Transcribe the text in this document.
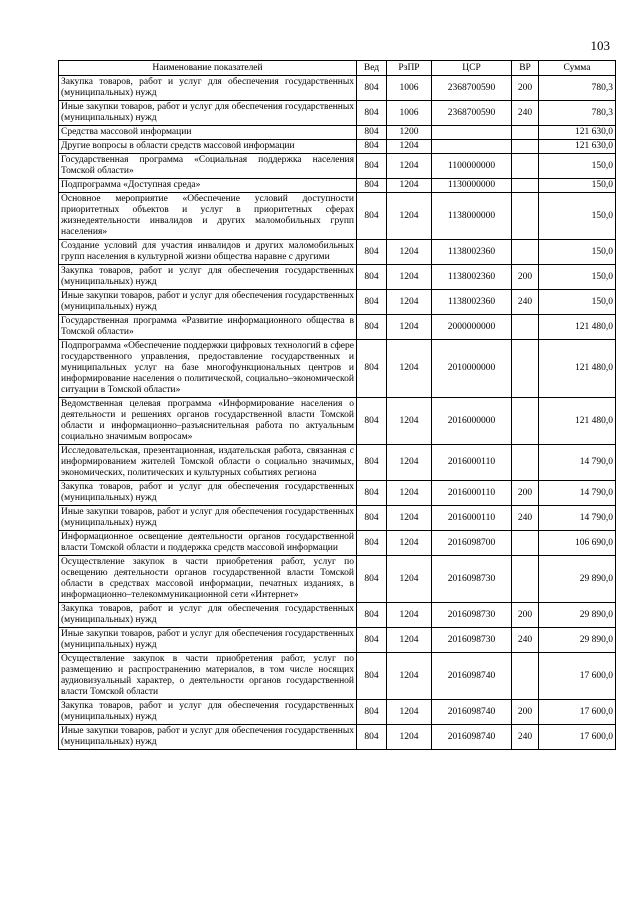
103
Наименование показателей	Вед	РзПР	ЦСР	ВР	Сумма
Закупка товаров, работ и услуг для обеспечения государственных (муниципальных) нужд	804	1006	2368700590	200	780,3
Иные закупки товаров, работ и услуг для обеспечения государственных (муниципальных) нужд	804	1006	2368700590	240	780,3
Средства массовой информации	804	1200			121 630,0
Другие вопросы в области средств массовой информации	804	1204			121 630,0
Государственная программа «Социальная поддержка населения Томской области»	804	1204	1100000000		150,0
Подпрограмма «Доступная среда»	804	1204	1130000000		150,0
Основное мероприятие «Обеспечение условий доступности приоритетных объектов и услуг в приоритетных сферах жизнедеятельности инвалидов и других маломобильных групп населения»	804	1204	1138000000		150,0
Создание условий для участия инвалидов и других маломобильных групп населения в культурной жизни общества наравне с другими	804	1204	1138002360		150,0
Закупка товаров, работ и услуг для обеспечения государственных (муниципальных) нужд	804	1204	1138002360	200	150,0
Иные закупки товаров, работ и услуг для обеспечения государственных (муниципальных) нужд	804	1204	1138002360	240	150,0
Государственная программа «Развитие информационного общества в Томской области»	804	1204	2000000000		121 480,0
Подпрограмма «Обеспечение поддержки цифровых технологий в сфере государственного управления, предоставление государственных и муниципальных услуг на базе многофункциональных центров и информирование населения о политической, социально–экономической ситуации в Томской области»	804	1204	2010000000		121 480,0
Ведомственная целевая программа «Информирование населения о деятельности и решениях органов государственной власти Томской области и информационно–разъяснительная работа по актуальным социально значимым вопросам»	804	1204	2016000000		121 480,0
Исследовательская, презентационная, издательская работа, связанная с информированием жителей Томской области о социально значимых, экономических, политических и культурных событиях региона	804	1204	2016000110		14 790,0
Закупка товаров, работ и услуг для обеспечения государственных (муниципальных) нужд	804	1204	2016000110	200	14 790,0
Иные закупки товаров, работ и услуг для обеспечения государственных (муниципальных) нужд	804	1204	2016000110	240	14 790,0
Информационное освещение деятельности органов государственной власти Томской области и поддержка средств массовой информации	804	1204	2016098700		106 690,0
Осуществление закупок в части приобретения работ, услуг по освещению деятельности органов государственной власти Томской области в средствах массовой информации, печатных изданиях, в информационно–телекоммуникационной сети «Интернет»	804	1204	2016098730		29 890,0
Закупка товаров, работ и услуг для обеспечения государственных (муниципальных) нужд	804	1204	2016098730	200	29 890,0
Иные закупки товаров, работ и услуг для обеспечения государственных (муниципальных) нужд	804	1204	2016098730	240	29 890,0
Осуществление закупок в части приобретения работ, услуг по размещению и распространению материалов, в том числе носящих аудиовизуальный характер, о деятельности органов государственной власти Томской области	804	1204	2016098740		17 600,0
Закупка товаров, работ и услуг для обеспечения государственных (муниципальных) нужд	804	1204	2016098740	200	17 600,0
Иные закупки товаров, работ и услуг для обеспечения государственных (муниципальных) нужд	804	1204	2016098740	240	17 600,0
